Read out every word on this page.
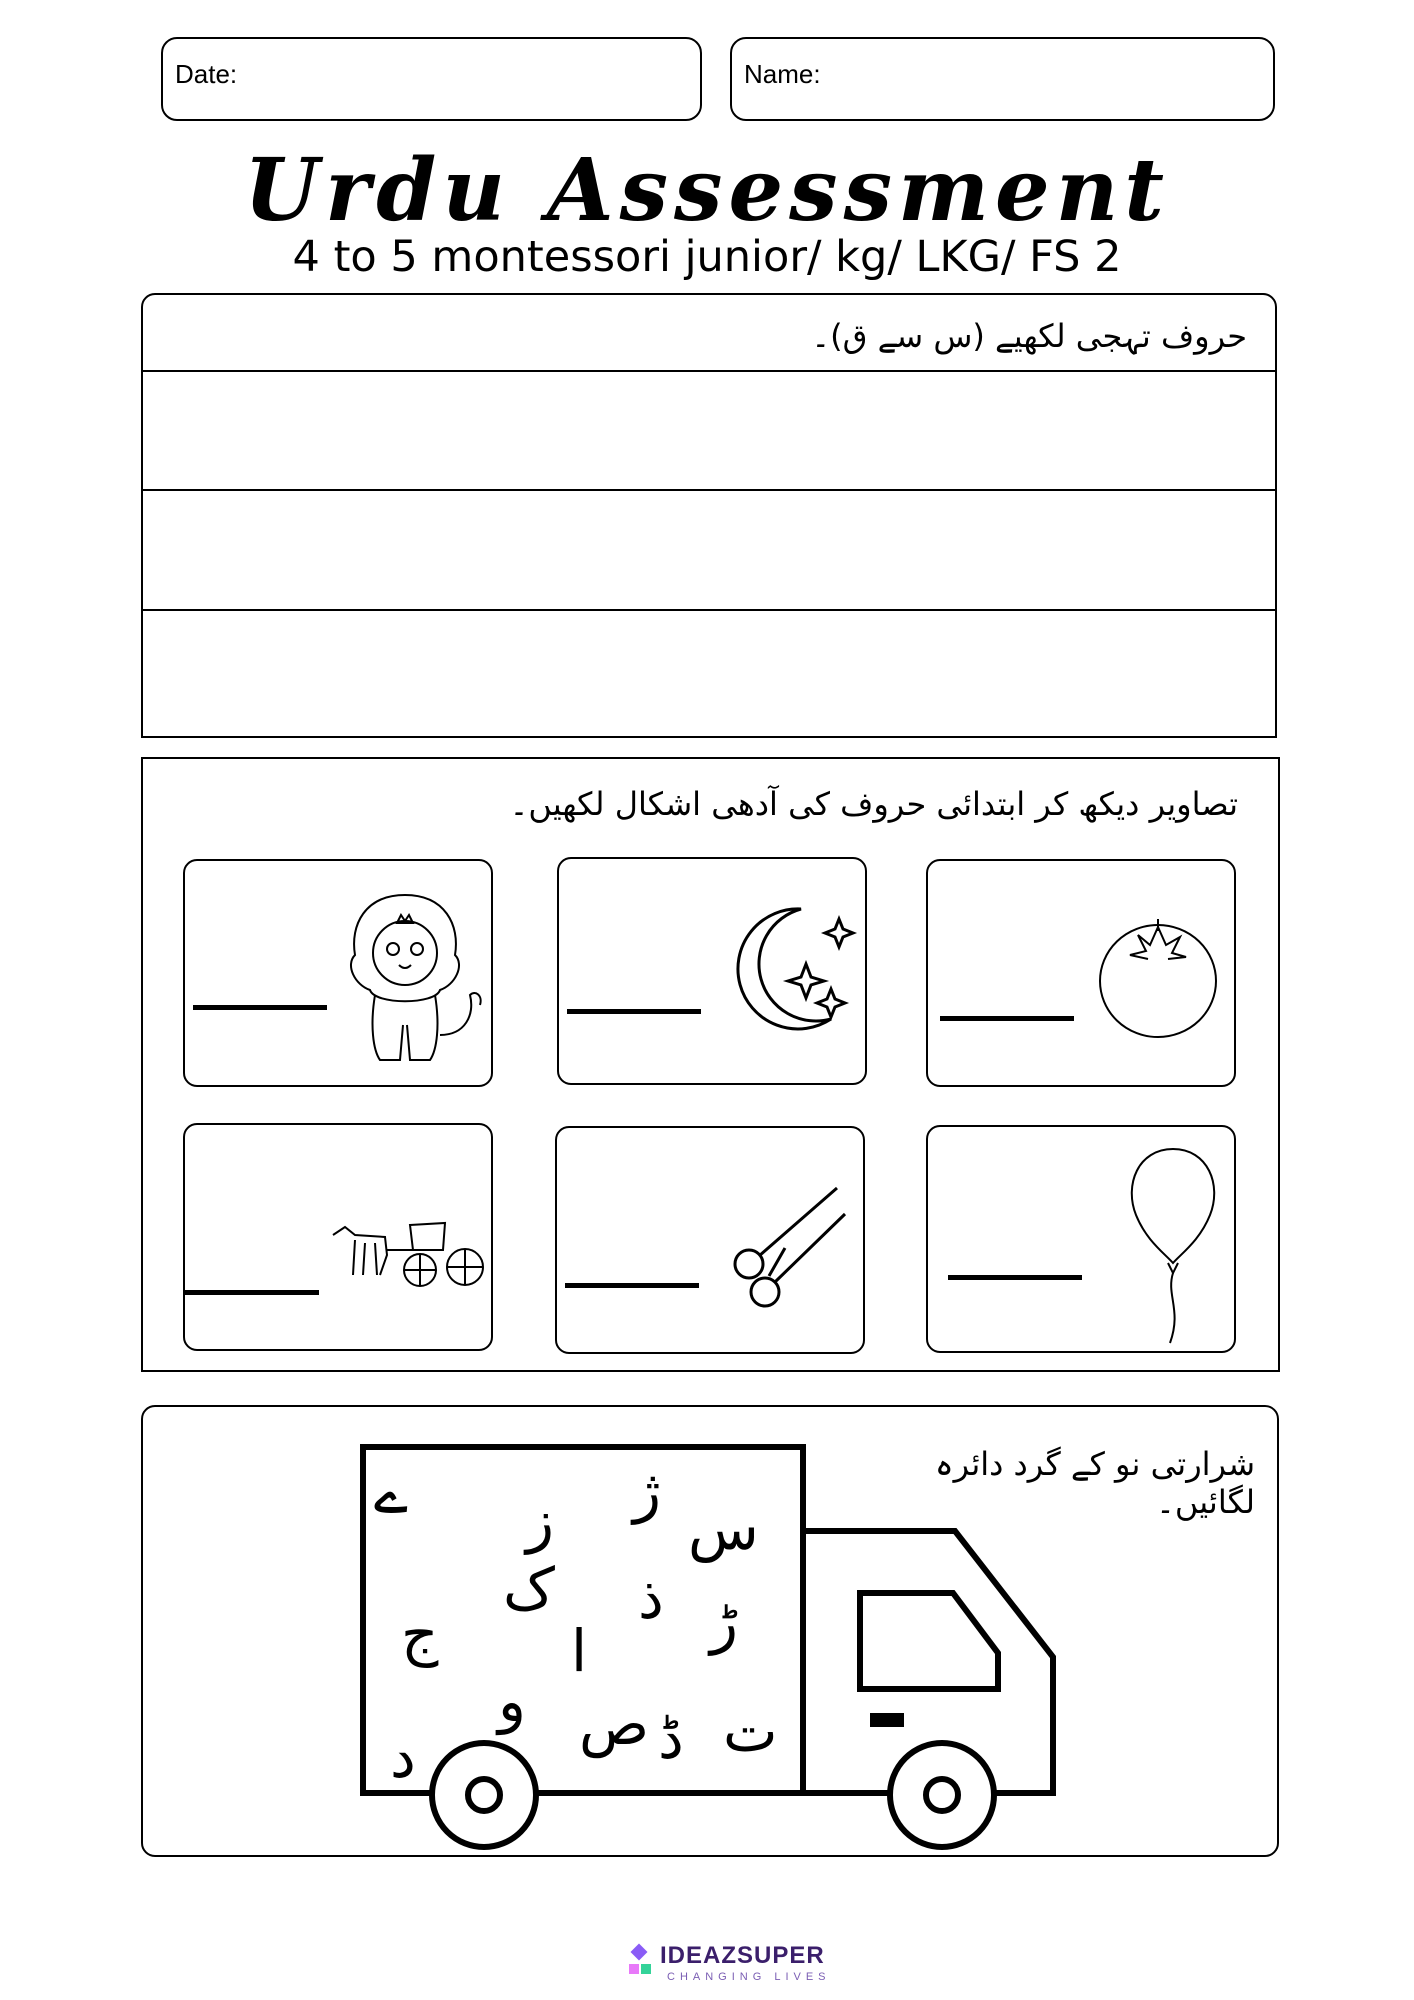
Date:	Name:
Urdu Assessment
4 to 5 montessori junior/ kg/ LKG/ FS 2
حروف تہجی لکھیے (س سے ق)۔
تصاویر دیکھ کر ابتدائی حروف کی آدھی اشکال لکھیں۔
شرارتی نو کے گرد دائرہ لگائیں۔
ے	ژ
ز س
ذ
ک
ج	ڑ
ا
و ص ڈ ت
د
IDEAZSUPER
CHANGING LIVES
